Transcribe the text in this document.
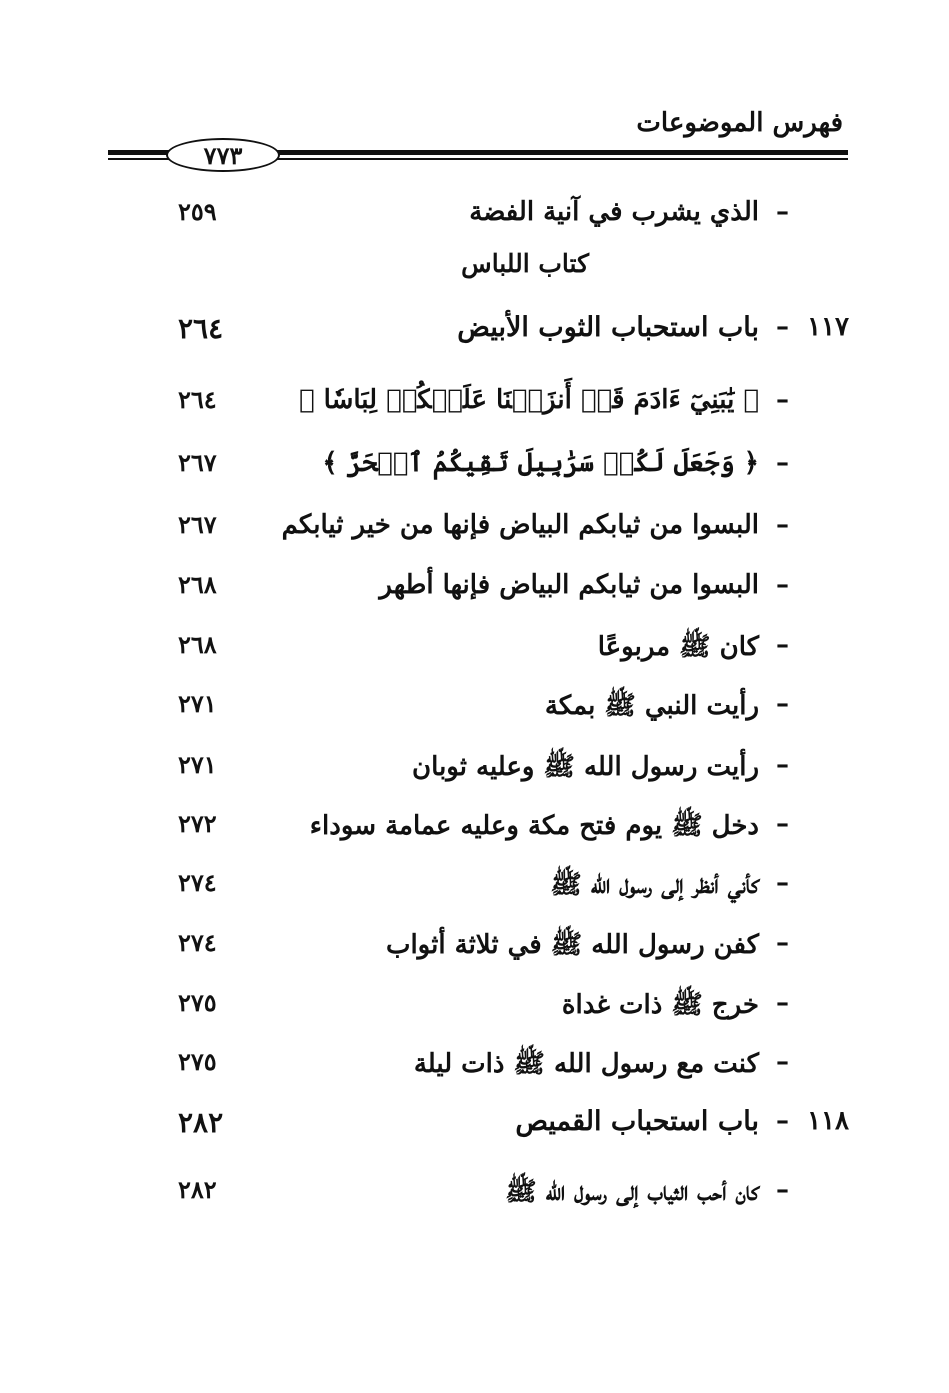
فهرس الموضوعات
٧٧٣
–
الذي يشرب في آنية الفضة
٢٥٩
كتاب اللباس
١١٧
–
باب استحباب الثوب الأبيض
٢٦٤
–
﴿ يَٰبَنِيٓ ءَادَمَ قَدۡ أَنزَلۡنَا عَلَيۡكُمۡ لِبَاسٗا ﴾
٢٦٤
–
﴿ وَجَعَلَ لَكُمۡ سَرَٰبِيلَ تَقِيكُمُ ٱلۡحَرَّ ﴾
٢٦٧
–
البسوا من ثيابكم البياض فإنها من خير ثيابكم
٢٦٧
–
البسوا من ثيابكم البياض فإنها أطهر
٢٦٨
–
كان ﷺ مربوعًا
٢٦٨
–
رأيت النبي ﷺ بمكة
٢٧١
–
رأيت رسول الله ﷺ وعليه ثوبان
٢٧١
–
دخل ﷺ يوم فتح مكة وعليه عمامة سوداء
٢٧٢
–
كأني أنظر إلى رسول الله ﷺ
٢٧٤
–
كفن رسول الله ﷺ في ثلاثة أثواب
٢٧٤
–
خرج ﷺ ذات غداة
٢٧٥
–
كنت مع رسول الله ﷺ ذات ليلة
٢٧٥
١١٨
–
باب استحباب القميص
٢٨٢
–
كان أحب الثياب إلى رسول الله ﷺ
٢٨٢
